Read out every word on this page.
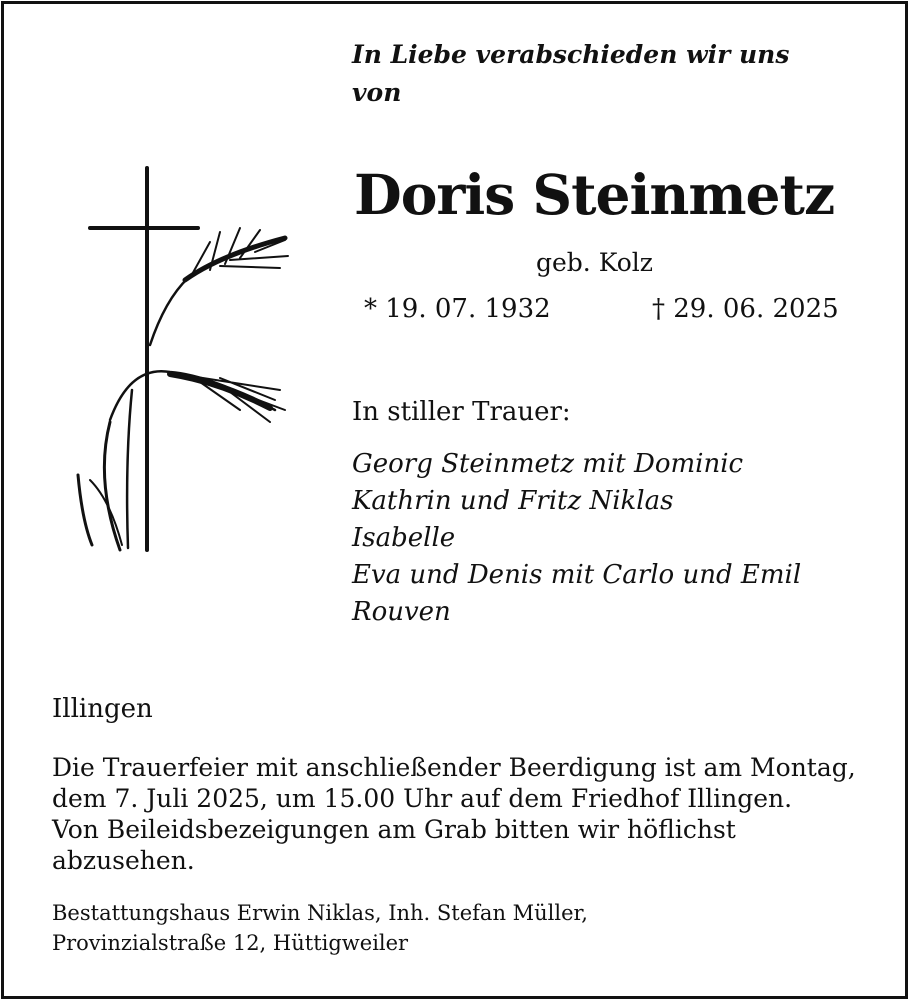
In Liebe verabschieden wir uns
von
Doris Steinmetz
geb. Kolz
* 19. 07. 1932	† 29. 06. 2025
In stiller Trauer:
Georg Steinmetz mit Dominic
Kathrin und Fritz Niklas
Isabelle
Eva und Denis mit Carlo und Emil
Rouven
Illingen
Die Trauerfeier mit anschließender Beerdigung ist am Montag,
dem 7. Juli 2025, um 15.00 Uhr auf dem Friedhof Illingen.
Von Beileidsbezeigungen am Grab bitten wir höflichst
abzusehen.
Bestattungshaus Erwin Niklas, Inh. Stefan Müller,
Provinzialstraße 12, Hüttigweiler
